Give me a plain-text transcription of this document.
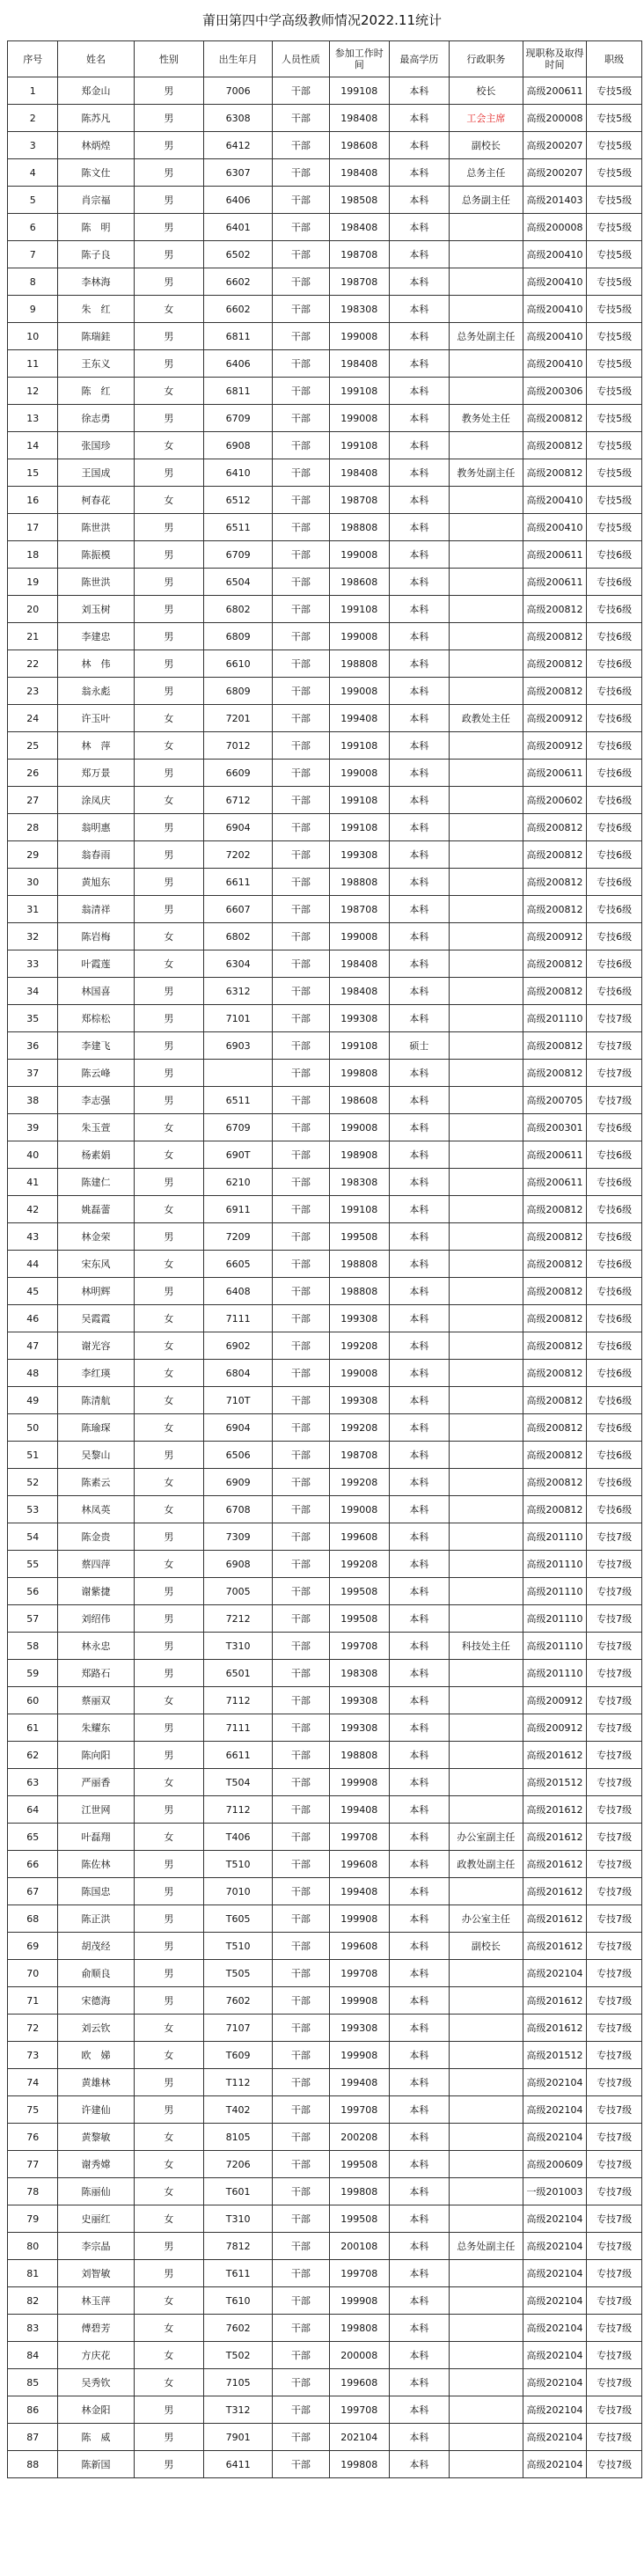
莆田第四中学高级教师情况2022.11统计
序号	姓名	性别	出生年月	人员性质	参加工作时间	最高学历	行政职务	现职称及取得时间	职级
1	郑金山	男	7006	干部	199108	本科	校长	高级200611	专技5级
2	陈苏凡	男	6308	干部	198408	本科	工会主席	高级200008	专技5级
3	林炳煌	男	6412	干部	198608	本科	副校长	高级200207	专技5级
4	陈文仕	男	6307	干部	198408	本科	总务主任	高级200207	专技5级
5	肖宗福	男	6406	干部	198508	本科	总务副主任	高级201403	专技5级
6	陈　明	男	6401	干部	198408	本科		高级200008	专技5级
7	陈子良	男	6502	干部	198708	本科		高级200410	专技5级
8	李林海	男	6602	干部	198708	本科		高级200410	专技5级
9	朱　红	女	6602	干部	198308	本科		高级200410	专技5级
10	陈瑞銈	男	6811	干部	199008	本科	总务处副主任	高级200410	专技5级
11	王东义	男	6406	干部	198408	本科		高级200410	专技5级
12	陈　红	女	6811	干部	199108	本科		高级200306	专技5级
13	徐志勇	男	6709	干部	199008	本科	教务处主任	高级200812	专技5级
14	张国珍	女	6908	干部	199108	本科		高级200812	专技5级
15	王国成	男	6410	干部	198408	本科	教务处副主任	高级200812	专技5级
16	柯春花	女	6512	干部	198708	本科		高级200410	专技5级
17	陈世洪	男	6511	干部	198808	本科		高级200410	专技5级
18	陈振模	男	6709	干部	199008	本科		高级200611	专技6级
19	陈世洪	男	6504	干部	198608	本科		高级200611	专技6级
20	刘玉树	男	6802	干部	199108	本科		高级200812	专技6级
21	李建忠	男	6809	干部	199008	本科		高级200812	专技6级
22	林　伟	男	6610	干部	198808	本科		高级200812	专技6级
23	翁永彪	男	6809	干部	199008	本科		高级200812	专技6级
24	许玉叶	女	7201	干部	199408	本科	政教处主任	高级200912	专技6级
25	林　萍	女	7012	干部	199108	本科		高级200912	专技6级
26	郑万景	男	6609	干部	199008	本科		高级200611	专技6级
27	涂凤庆	女	6712	干部	199108	本科		高级200602	专技6级
28	翁明惠	男	6904	干部	199108	本科		高级200812	专技6级
29	翁春雨	男	7202	干部	199308	本科		高级200812	专技6级
30	黄旭东	男	6611	干部	198808	本科		高级200812	专技6级
31	翁清祥	男	6607	干部	198708	本科		高级200812	专技6级
32	陈岩梅	女	6802	干部	199008	本科		高级200912	专技6级
33	叶霞莲	女	6304	干部	198408	本科		高级200812	专技6级
34	林国喜	男	6312	干部	198408	本科		高级200812	专技6级
35	郑棕松	男	7101	干部	199308	本科		高级201110	专技7级
36	李建飞	男	6903	干部	199108	硕士		高级200812	专技7级
37	陈云峰	男		干部	199808	本科		高级200812	专技7级
38	李志强	男	6511	干部	198608	本科		高级200705	专技7级
39	朱玉萱	女	6709	干部	199008	本科		高级200301	专技6级
40	杨素娟	女	690T	干部	198908	本科		高级200611	专技6级
41	陈建仁	男	6210	干部	198308	本科		高级200611	专技6级
42	姚磊蕾	女	6911	干部	199108	本科		高级200812	专技6级
43	林金荣	男	7209	干部	199508	本科		高级200812	专技6级
44	宋东风	女	6605	干部	198808	本科		高级200812	专技6级
45	林明辉	男	6408	干部	198808	本科		高级200812	专技6级
46	吴霞霞	女	7111	干部	199308	本科		高级200812	专技6级
47	谢光容	女	6902	干部	199208	本科		高级200812	专技6级
48	李红瑛	女	6804	干部	199008	本科		高级200812	专技6级
49	陈清航	女	710T	干部	199308	本科		高级200812	专技6级
50	陈瑜琛	女	6904	干部	199208	本科		高级200812	专技6级
51	吴黎山	男	6506	干部	198708	本科		高级200812	专技6级
52	陈素云	女	6909	干部	199208	本科		高级200812	专技6级
53	林凤英	女	6708	干部	199008	本科		高级200812	专技6级
54	陈金贵	男	7309	干部	199608	本科		高级201110	专技7级
55	蔡四萍	女	6908	干部	199208	本科		高级201110	专技7级
56	谢紫捷	男	7005	干部	199508	本科		高级201110	专技7级
57	刘绍伟	男	7212	干部	199508	本科		高级201110	专技7级
58	林永忠	男	T310	干部	199708	本科	科技处主任	高级201110	专技7级
59	郑路石	男	6501	干部	198308	本科		高级201110	专技7级
60	蔡丽双	女	7112	干部	199308	本科		高级200912	专技7级
61	朱耀东	男	7111	干部	199308	本科		高级200912	专技7级
62	陈向阳	男	6611	干部	198808	本科		高级201612	专技7级
63	严丽香	女	T504	干部	199908	本科		高级201512	专技7级
64	江世网	男	7112	干部	199408	本科		高级201612	专技7级
65	叶磊翔	女	T406	干部	199708	本科	办公室副主任	高级201612	专技7级
66	陈佐林	男	T510	干部	199608	本科	政教处副主任	高级201612	专技7级
67	陈国忠	男	7010	干部	199408	本科		高级201612	专技7级
68	陈正洪	男	T605	干部	199908	本科	办公室主任	高级201612	专技7级
69	胡茂经	男	T510	干部	199608	本科	副校长	高级201612	专技7级
70	俞顺良	男	T505	干部	199708	本科		高级202104	专技7级
71	宋德海	男	7602	干部	199908	本科		高级201612	专技7级
72	刘云钦	女	7107	干部	199308	本科		高级201612	专技7级
73	欧　娣	女	T609	干部	199908	本科		高级201512	专技7级
74	黄雄林	男	T112	干部	199408	本科		高级202104	专技7级
75	许建仙	男	T402	干部	199708	本科		高级202104	专技7级
76	黄黎敏	女	8105	干部	200208	本科		高级202104	专技7级
77	谢秀嫦	女	7206	干部	199508	本科		高级200609	专技7级
78	陈丽仙	女	T601	干部	199808	本科		一级201003	专技7级
79	史丽红	女	T310	干部	199508	本科		高级202104	专技7级
80	李宗晶	男	7812	干部	200108	本科	总务处副主任	高级202104	专技7级
81	刘智敏	男	T611	干部	199708	本科		高级202104	专技7级
82	林玉萍	女	T610	干部	199908	本科		高级202104	专技7级
83	傅碧芳	女	7602	干部	199808	本科		高级202104	专技7级
84	方庆花	女	T502	干部	200008	本科		高级202104	专技7级
85	吴秀钦	女	7105	干部	199608	本科		高级202104	专技7级
86	林金阳	男	T312	干部	199708	本科		高级202104	专技7级
87	陈　威	男	7901	干部	202104	本科		高级202104	专技7级
88	陈新国	男	6411	干部	199808	本科		高级202104	专技7级
